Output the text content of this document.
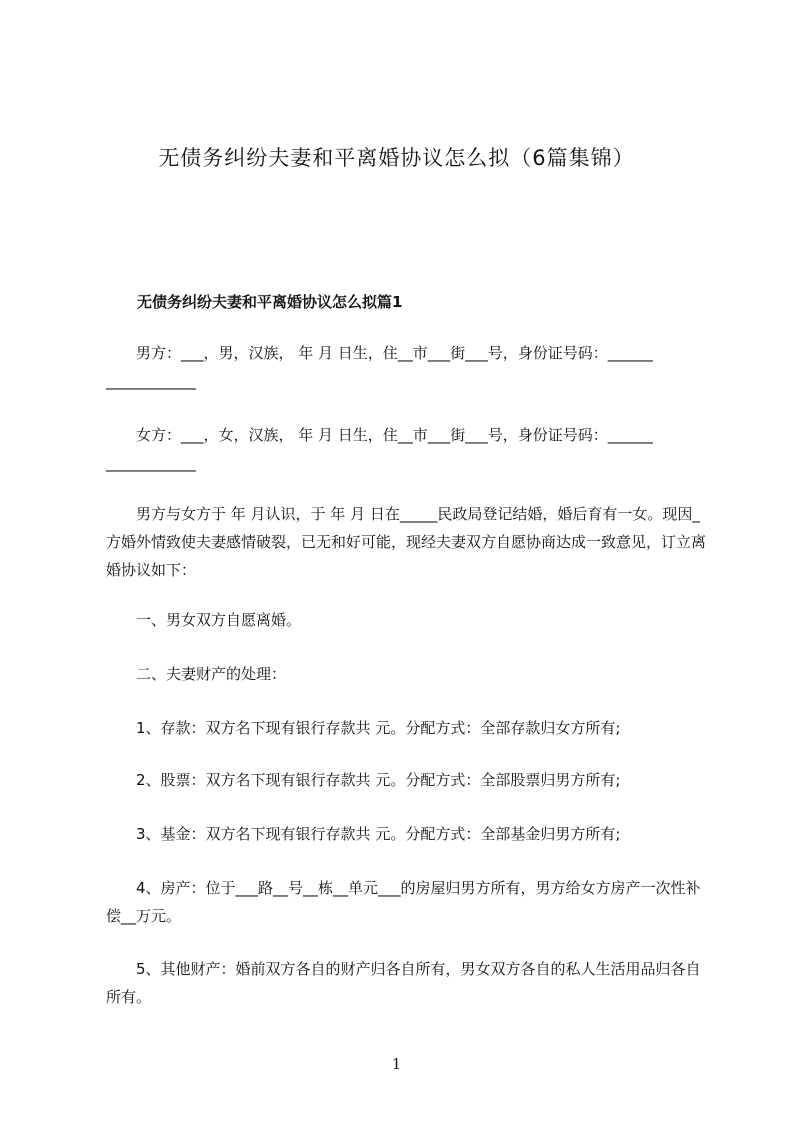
无债务纠纷夫妻和平离婚协议怎么拟（6篇集锦）
无债务纠纷夫妻和平离婚协议怎么拟篇1
男方：___，男，汉族， 年 月 日生，住__市___街___号，身份证号码：______
____________
女方：___，女，汉族， 年 月 日生，住__市___街___号，身份证号码：______
____________
男方与女方于 年 月认识，于 年 月 日在_____民政局登记结婚，婚后育有一女。现因_方婚外情致使夫妻感情破裂，已无和好可能，现经夫妻双方自愿协商达成一致意见，订立离婚协议如下：
一、男女双方自愿离婚。
二、夫妻财产的处理：
1、存款：双方名下现有银行存款共 元。分配方式：全部存款归女方所有;
2、股票：双方名下现有银行存款共 元。分配方式：全部股票归男方所有;
3、基金：双方名下现有银行存款共 元。分配方式：全部基金归男方所有;
4、房产：位于___路__号__栋__单元___的房屋归男方所有，男方给女方房产一次性补偿__万元。
5、其他财产：婚前双方各自的财产归各自所有，男女双方各自的私人生活用品归各自所有。
1
